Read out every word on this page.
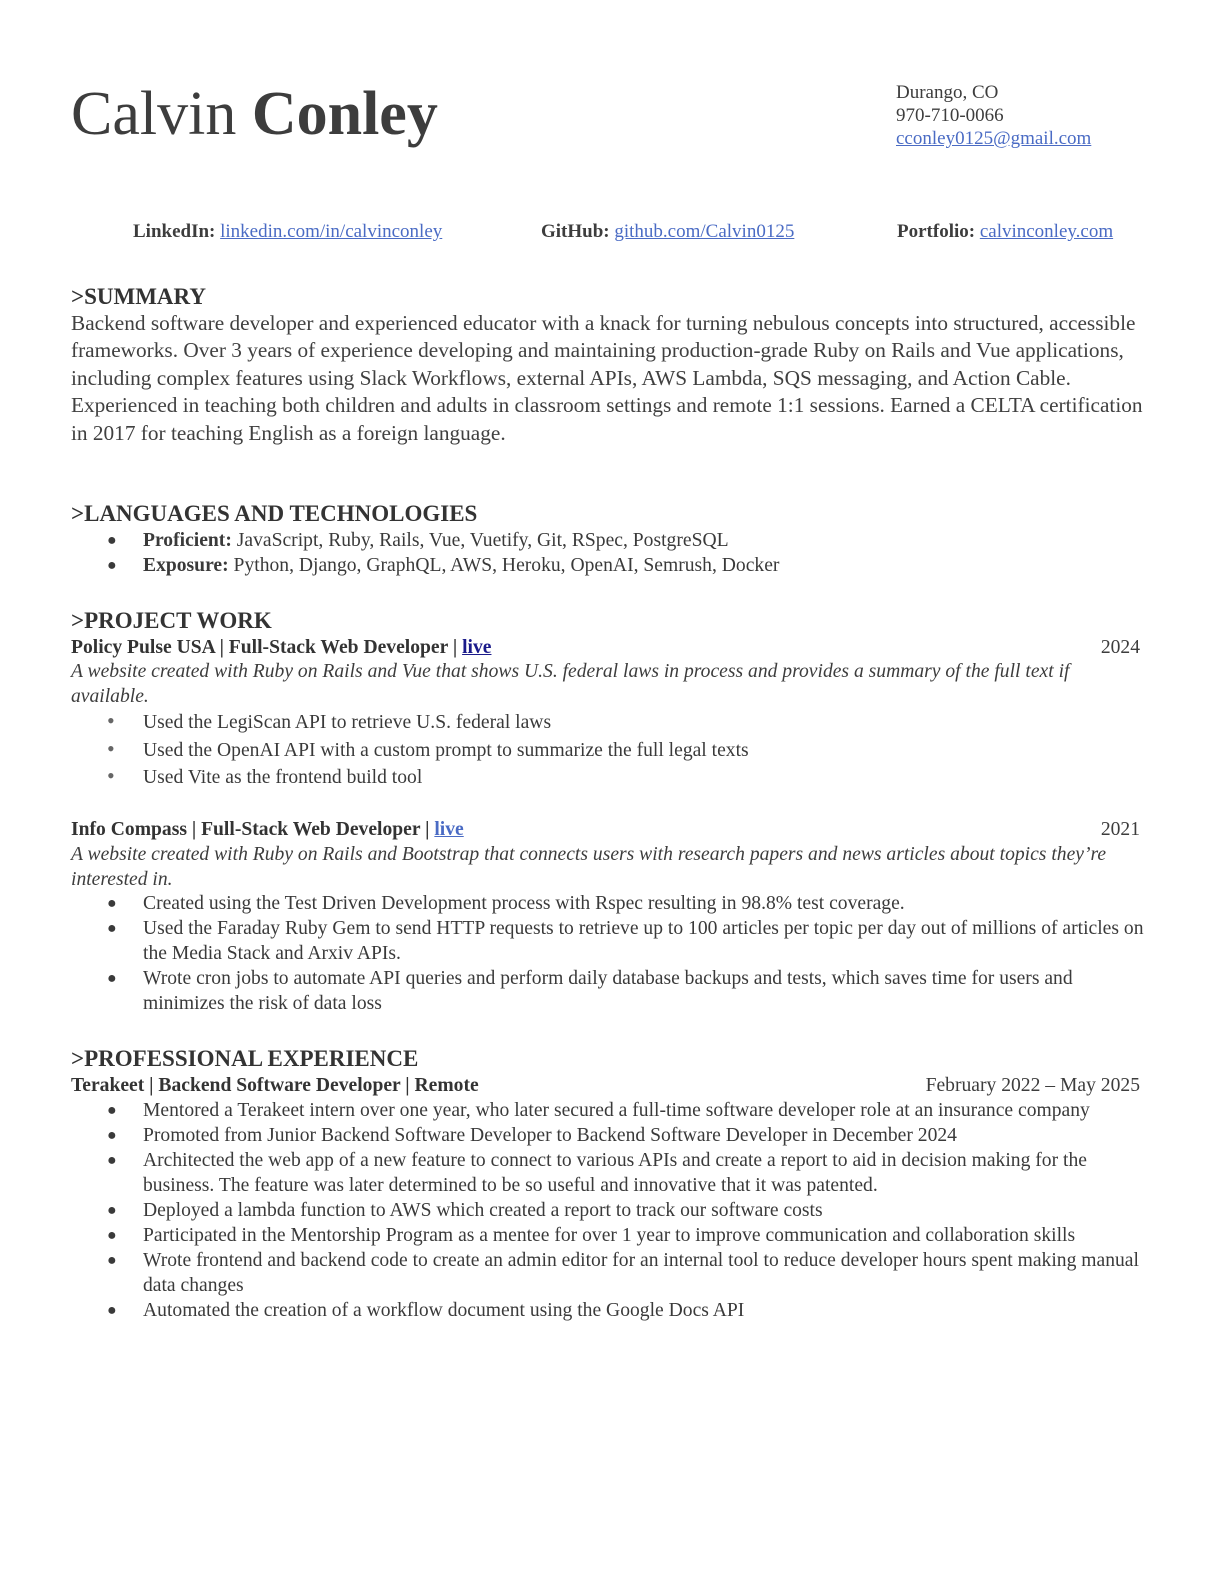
Calvin Conley	Durango, CO
970-710-0066
cconley0125@gmail.com
LinkedIn: linkedin.com/in/calvinconley	GitHub: github.com/Calvin0125	Portfolio: calvinconley.com
>SUMMARY
Backend software developer and experienced educator with a knack for turning nebulous concepts into structured, accessible frameworks. Over 3 years of experience developing and maintaining production-grade Ruby on Rails and Vue applications, including complex features using Slack Workflows, external APIs, AWS Lambda, SQS messaging, and Action Cable. Experienced in teaching both children and adults in classroom settings and remote 1:1 sessions. Earned a CELTA certification in 2017 for teaching English as a foreign language.
>LANGUAGES AND TECHNOLOGIES
● Proficient: JavaScript, Ruby, Rails, Vue, Vuetify, Git, RSpec, PostgreSQL
● Exposure: Python, Django, GraphQL, AWS, Heroku, OpenAI, Semrush, Docker
>PROJECT WORK
Policy Pulse USA | Full-Stack Web Developer | live	2024
A website created with Ruby on Rails and Vue that shows U.S. federal laws in process and provides a summary of the full text if available.
• Used the LegiScan API to retrieve U.S. federal laws
• Used the OpenAI API with a custom prompt to summarize the full legal texts
• Used Vite as the frontend build tool
Info Compass | Full-Stack Web Developer | live	2021
A website created with Ruby on Rails and Bootstrap that connects users with research papers and news articles about topics they’re interested in.
● Created using the Test Driven Development process with Rspec resulting in 98.8% test coverage.
● Used the Faraday Ruby Gem to send HTTP requests to retrieve up to 100 articles per topic per day out of millions of articles on the Media Stack and Arxiv APIs.
● Wrote cron jobs to automate API queries and perform daily database backups and tests, which saves time for users and minimizes the risk of data loss
>PROFESSIONAL EXPERIENCE
Terakeet | Backend Software Developer | Remote	February 2022 – May 2025
● Mentored a Terakeet intern over one year, who later secured a full-time software developer role at an insurance company
● Promoted from Junior Backend Software Developer to Backend Software Developer in December 2024
● Architected the web app of a new feature to connect to various APIs and create a report to aid in decision making for the business. The feature was later determined to be so useful and innovative that it was patented.
● Deployed a lambda function to AWS which created a report to track our software costs
● Participated in the Mentorship Program as a mentee for over 1 year to improve communication and collaboration skills
● Wrote frontend and backend code to create an admin editor for an internal tool to reduce developer hours spent making manual data changes
● Automated the creation of a workflow document using the Google Docs API
